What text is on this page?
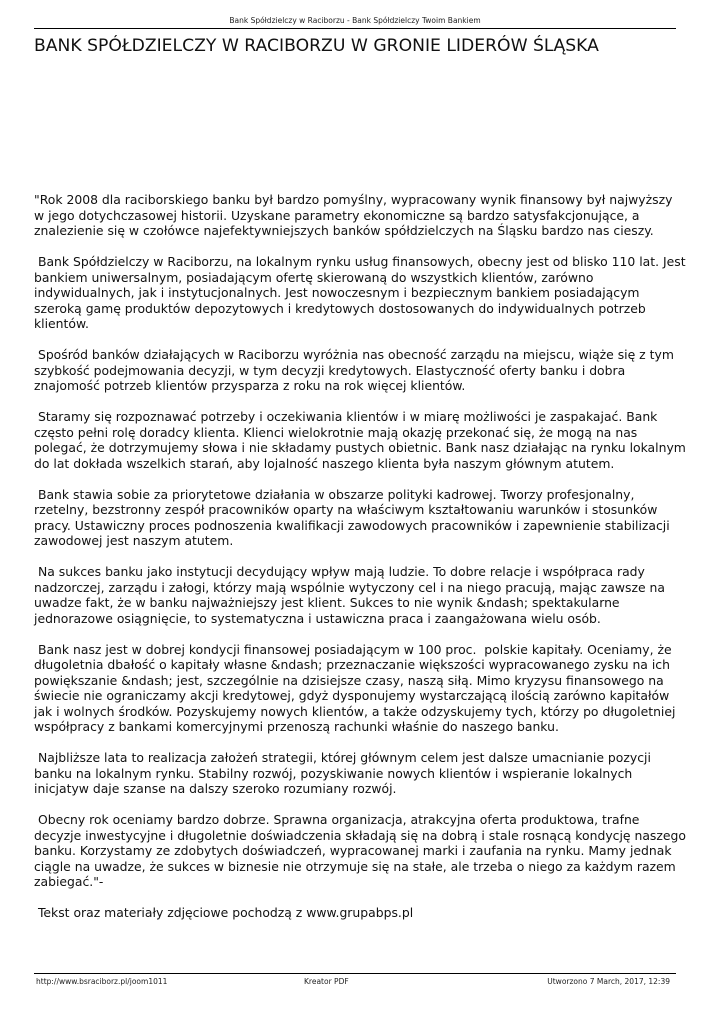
Bank Spółdzielczy w Raciborzu - Bank Spółdzielczy Twoim Bankiem
BANK SPÓŁDZIELCZY W RACIBORZU W GRONIE LIDERÓW ŚLĄSKA

"Rok 2008 dla raciborskiego banku był bardzo pomyślny, wypracowany wynik finansowy był najwyższy w jego dotychczasowej historii. Uzyskane parametry ekonomiczne są bardzo satysfakcjonujące, a znalezienie się w czołówce najefektywniejszych banków spółdzielczych na Śląsku bardzo nas cieszy.

Bank Spółdzielczy w Raciborzu, na lokalnym rynku usług finansowych, obecny jest od blisko 110 lat. Jest bankiem uniwersalnym, posiadającym ofertę skierowaną do wszystkich klientów, zarówno indywidualnych, jak i instytucjonalnych. Jest nowoczesnym i bezpiecznym bankiem posiadającym szeroką gamę produktów depozytowych i kredytowych dostosowanych do indywidualnych potrzeb klientów.

Spośród banków działających w Raciborzu wyróżnia nas obecność zarządu na miejscu, wiąże się z tym szybkość podejmowania decyzji, w tym decyzji kredytowych. Elastyczność oferty banku i dobra znajomość potrzeb klientów przysparza z roku na rok więcej klientów.

Staramy się rozpoznawać potrzeby i oczekiwania klientów i w miarę możliwości je zaspakajać. Bank często pełni rolę doradcy klienta. Klienci wielokrotnie mają okazję przekonać się, że mogą na nas polegać, że dotrzymujemy słowa i nie składamy pustych obietnic. Bank nasz działając na rynku lokalnym do lat dokłada wszelkich starań, aby lojalność naszego klienta była naszym głównym atutem.

Bank stawia sobie za priorytetowe działania w obszarze polityki kadrowej. Tworzy profesjonalny, rzetelny, bezstronny zespół pracowników oparty na właściwym kształtowaniu warunków i stosunków pracy. Ustawiczny proces podnoszenia kwalifikacji zawodowych pracowników i zapewnienie stabilizacji zawodowej jest naszym atutem.

Na sukces banku jako instytucji decydujący wpływ mają ludzie. To dobre relacje i współpraca rady nadzorczej, zarządu i załogi, którzy mają wspólnie wytyczony cel i na niego pracują, mając zawsze na uwadze fakt, że w banku najważniejszy jest klient. Sukces to nie wynik &ndash; spektakularne jednorazowe osiągnięcie, to systematyczna i ustawiczna praca i zaangażowana wielu osób.

Bank nasz jest w dobrej kondycji finansowej posiadającym w 100 proc.  polskie kapitały. Oceniamy, że długoletnia dbałość o kapitały własne &ndash; przeznaczanie większości wypracowanego zysku na ich powiększanie &ndash; jest, szczególnie na dzisiejsze czasy, naszą siłą. Mimo kryzysu finansowego na świecie nie ograniczamy akcji kredytowej, gdyż dysponujemy wystarczającą ilością zarówno kapitałów jak i wolnych środków. Pozyskujemy nowych klientów, a także odzyskujemy tych, którzy po długoletniej współpracy z bankami komercyjnymi przenoszą rachunki właśnie do naszego banku.

Najbliższe lata to realizacja założeń strategii, której głównym celem jest dalsze umacnianie pozycji banku na lokalnym rynku. Stabilny rozwój, pozyskiwanie nowych klientów i wspieranie lokalnych inicjatyw daje szanse na dalszy szeroko rozumiany rozwój.

Obecny rok oceniamy bardzo dobrze. Sprawna organizacja, atrakcyjna oferta produktowa, trafne decyzje inwestycyjne i długoletnie doświadczenia składają się na dobrą i stale rosnącą kondycję naszego banku. Korzystamy ze zdobytych doświadczeń, wypracowanej marki i zaufania na rynku. Mamy jednak ciągle na uwadze, że sukces w biznesie nie otrzymuje się na stałe, ale trzeba o niego za każdym razem zabiegać."-

Tekst oraz materiały zdjęciowe pochodzą z www.grupabps.pl

http://www.bsraciborz.pl/joom1011	Kreator PDF	Utworzono 7 March, 2017, 12:39
